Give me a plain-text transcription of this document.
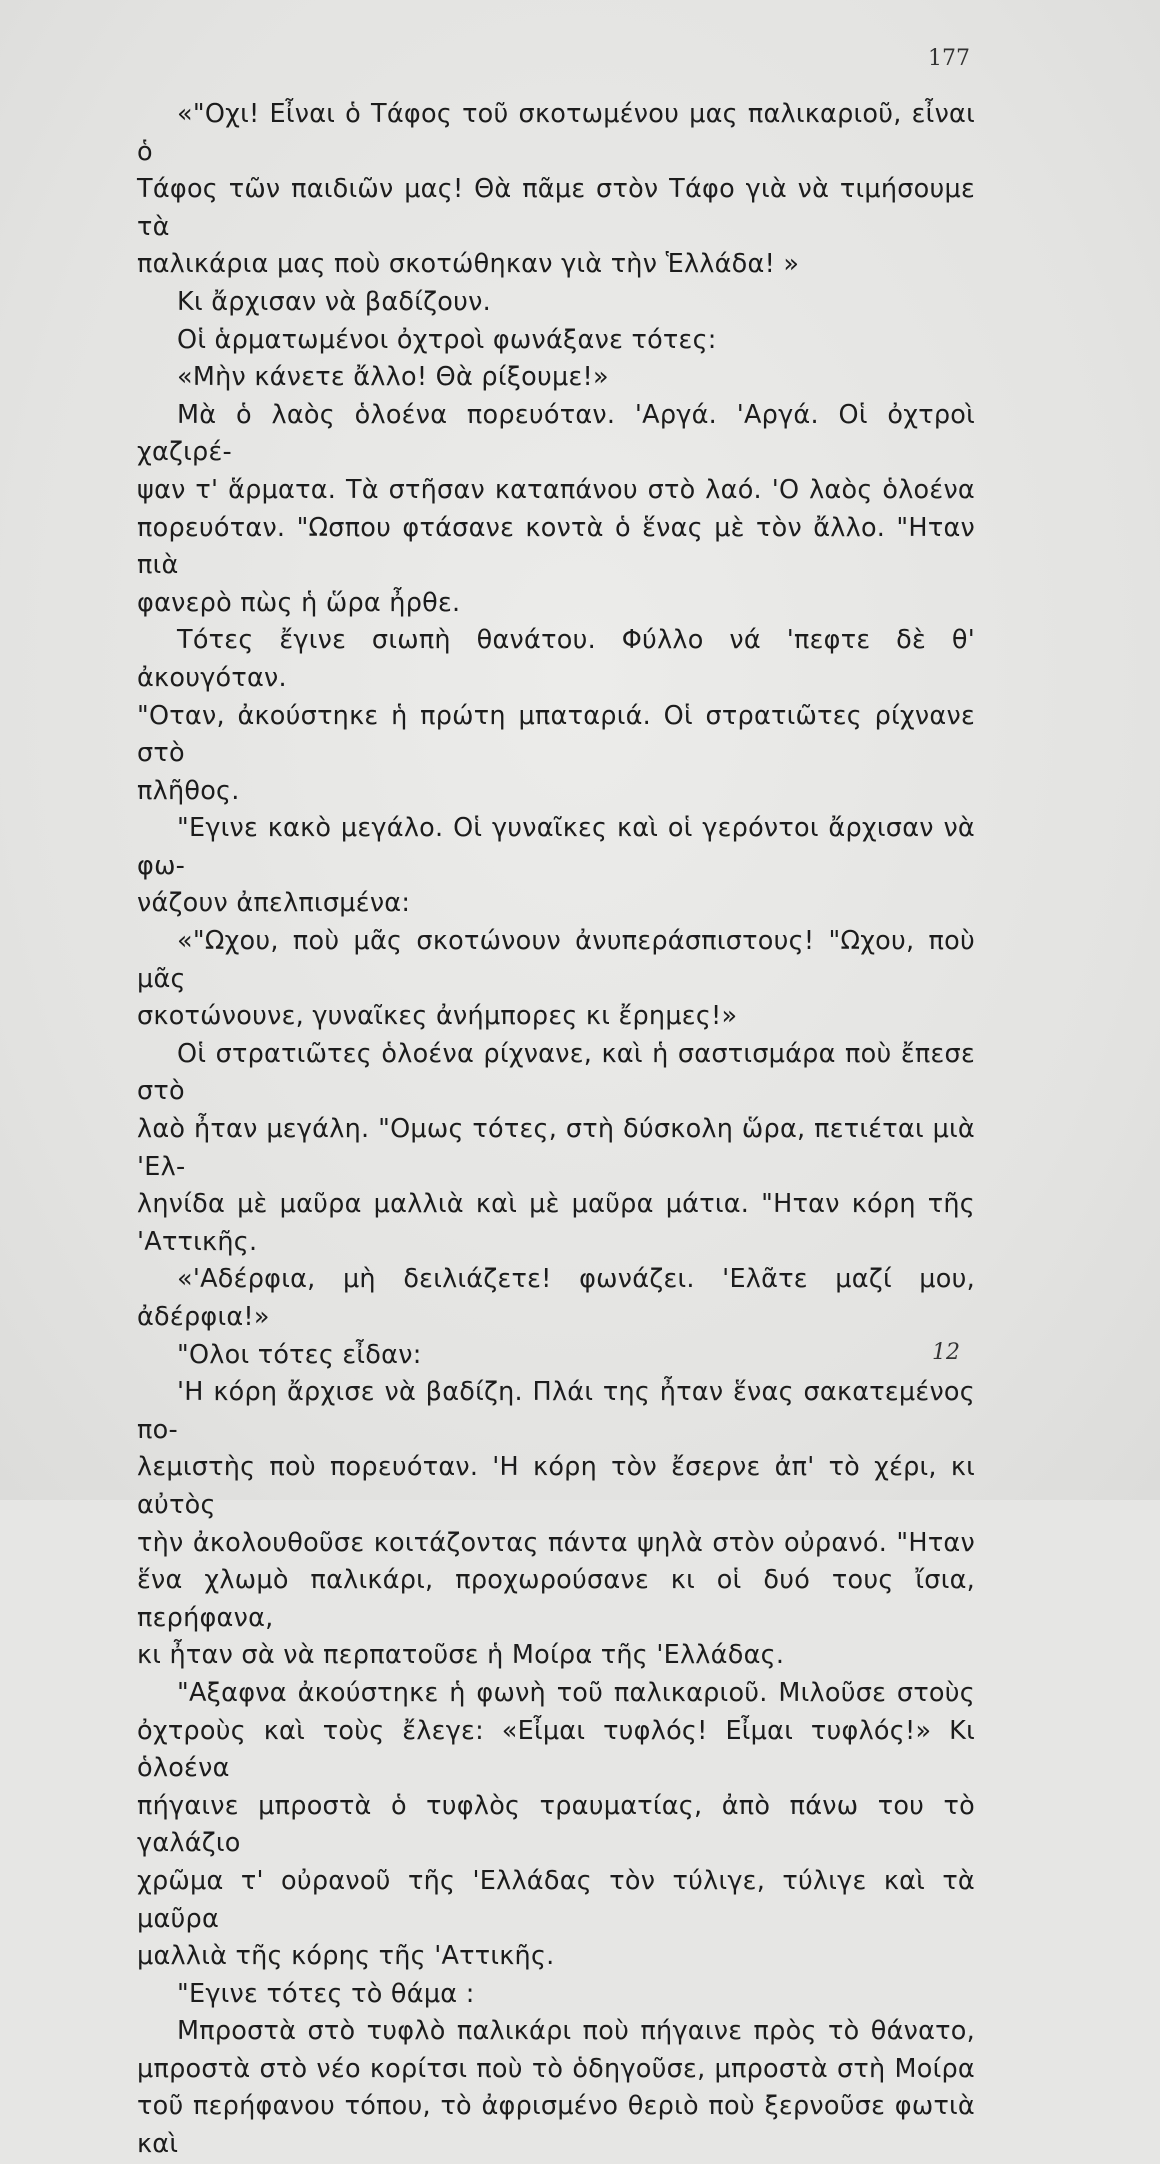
177

«"Οχι! Εἶναι ὁ Τάφος τοῦ σκοτωμένου μας παλικαριοῦ, εἶναι ὁ

Τάφος τῶν παιδιῶν μας! Θὰ πᾶμε στὸν Τάφο γιὰ νὰ τιμήσουμε τὰ

παλικάρια μας ποὺ σκοτώθηκαν γιὰ τὴν Ἑλλάδα! »

Κι ἄρχισαν νὰ βαδίζουν.

Οἱ ἁρματωμένοι ὀχτροὶ φωνάξανε τότες:

«Μὴν κάνετε ἄλλο! Θὰ ρίξουμε!»

Μὰ ὁ λαὸς ὁλοένα πορευόταν. 'Αργά. 'Αργά. Οἱ ὀχτροὶ χαζιρέ-

ψαν τ' ἅρματα. Τὰ στῆσαν καταπάνου στὸ λαό. 'Ο λαὸς ὁλοένα

πορευόταν. "Ωσπου φτάσανε κοντὰ ὁ ἕνας μὲ τὸν ἄλλο. "Ηταν πιὰ

φανερὸ πὼς ἡ ὥρα ἦρθε.

Τότες ἔγινε σιωπὴ θανάτου. Φύλλο νά 'πεφτε δὲ θ' ἀκουγόταν.

"Οταν, ἀκούστηκε ἡ πρώτη μπαταριά. Οἱ στρατιῶτες ρίχνανε στὸ

πλῆθος.

"Εγινε κακὸ μεγάλο. Οἱ γυναῖκες καὶ οἱ γερόντοι ἄρχισαν νὰ φω-

νάζουν ἀπελπισμένα:

«"Ωχου, ποὺ μᾶς σκοτώνουν ἀνυπεράσπιστους! "Ωχου, ποὺ μᾶς

σκοτώνουνε, γυναῖκες ἀνήμπορες κι ἔρημες!»

Οἱ στρατιῶτες ὁλοένα ρίχνανε, καὶ ἡ σαστισμάρα ποὺ ἔπεσε στὸ

λαὸ ἦταν μεγάλη. "Ομως τότες, στὴ δύσκολη ὥρα, πετιέται μιὰ 'Ελ-

ληνίδα μὲ μαῦρα μαλλιὰ καὶ μὲ μαῦρα μάτια. "Ηταν κόρη τῆς 'Αττικῆς.

«'Αδέρφια, μὴ δειλιάζετε! φωνάζει. 'Ελᾶτε μαζί μου, ἀδέρφια!»

"Ολοι τότες εἶδαν:

'Η κόρη ἄρχισε νὰ βαδίζη. Πλάι της ἦταν ἕνας σακατεμένος πο-

λεμιστὴς ποὺ πορευόταν. 'Η κόρη τὸν ἔσερνε ἀπ' τὸ χέρι, κι αὐτὸς

τὴν ἀκολουθοῦσε κοιτάζοντας πάντα ψηλὰ στὸν οὐρανό. "Ηταν

ἕνα χλωμὸ παλικάρι, προχωρούσανε κι οἱ δυό τους ἴσια, περήφανα,

κι ἦταν σὰ νὰ περπατοῦσε ἡ Μοίρα τῆς 'Ελλάδας.

"Αξαφνα ἀκούστηκε ἡ φωνὴ τοῦ παλικαριοῦ. Μιλοῦσε στοὺς

ὀχτροὺς καὶ τοὺς ἔλεγε: «Εἶμαι τυφλός! Εἶμαι τυφλός!» Κι ὁλοένα

πήγαινε μπροστὰ ὁ τυφλὸς τραυματίας, ἀπὸ πάνω του τὸ γαλάζιο

χρῶμα τ' οὐρανοῦ τῆς 'Ελλάδας τὸν τύλιγε, τύλιγε καὶ τὰ μαῦρα

μαλλιὰ τῆς κόρης τῆς 'Αττικῆς.

"Εγινε τότες τὸ θάμα :

Μπροστὰ στὸ τυφλὸ παλικάρι ποὺ πήγαινε πρὸς τὸ θάνατο,

μπροστὰ στὸ νέο κορίτσι ποὺ τὸ ὁδηγοῦσε, μπροστὰ στὴ Μοίρα

τοῦ περήφανου τόπου, τὸ ἀφρισμένο θεριὸ ποὺ ξερνοῦσε φωτιὰ καὶ

12
